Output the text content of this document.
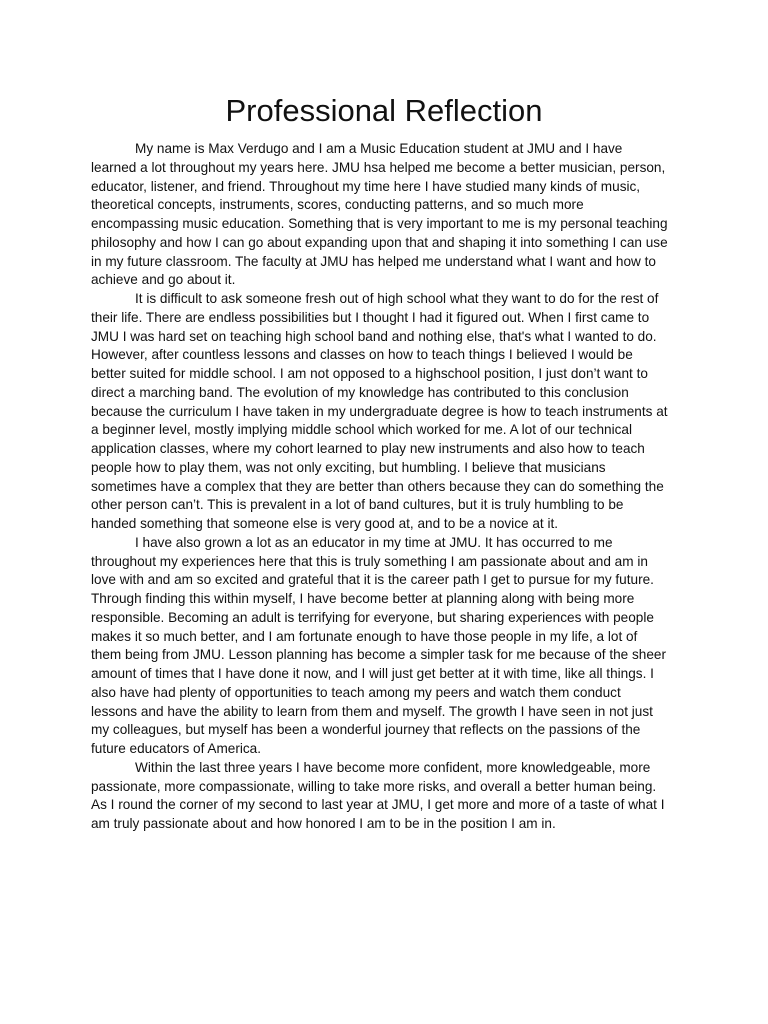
Professional Reflection
My name is Max Verdugo and I am a Music Education student at JMU and I have
learned a lot throughout my years here. JMU hsa helped me become a better musician, person,
educator, listener, and friend. Throughout my time here I have studied many kinds of music,
theoretical concepts, instruments, scores, conducting patterns, and so much more
encompassing music education. Something that is very important to me is my personal teaching
philosophy and how I can go about expanding upon that and shaping it into something I can use
in my future classroom. The faculty at JMU has helped me understand what I want and how to
achieve and go about it.
It is difficult to ask someone fresh out of high school what they want to do for the rest of
their life. There are endless possibilities but I thought I had it figured out. When I first came to
JMU I was hard set on teaching high school band and nothing else, that's what I wanted to do.
However, after countless lessons and classes on how to teach things I believed I would be
better suited for middle school. I am not opposed to a highschool position, I just don’t want to
direct a marching band. The evolution of my knowledge has contributed to this conclusion
because the curriculum I have taken in my undergraduate degree is how to teach instruments at
a beginner level, mostly implying middle school which worked for me. A lot of our technical
application classes, where my cohort learned to play new instruments and also how to teach
people how to play them, was not only exciting, but humbling. I believe that musicians
sometimes have a complex that they are better than others because they can do something the
other person can’t. This is prevalent in a lot of band cultures, but it is truly humbling to be
handed something that someone else is very good at, and to be a novice at it.
I have also grown a lot as an educator in my time at JMU. It has occurred to me
throughout my experiences here that this is truly something I am passionate about and am in
love with and am so excited and grateful that it is the career path I get to pursue for my future.
Through finding this within myself, I have become better at planning along with being more
responsible. Becoming an adult is terrifying for everyone, but sharing experiences with people
makes it so much better, and I am fortunate enough to have those people in my life, a lot of
them being from JMU. Lesson planning has become a simpler task for me because of the sheer
amount of times that I have done it now, and I will just get better at it with time, like all things. I
also have had plenty of opportunities to teach among my peers and watch them conduct
lessons and have the ability to learn from them and myself. The growth I have seen in not just
my colleagues, but myself has been a wonderful journey that reflects on the passions of the
future educators of America.
Within the last three years I have become more confident, more knowledgeable, more
passionate, more compassionate, willing to take more risks, and overall a better human being.
As I round the corner of my second to last year at JMU, I get more and more of a taste of what I
am truly passionate about and how honored I am to be in the position I am in.
